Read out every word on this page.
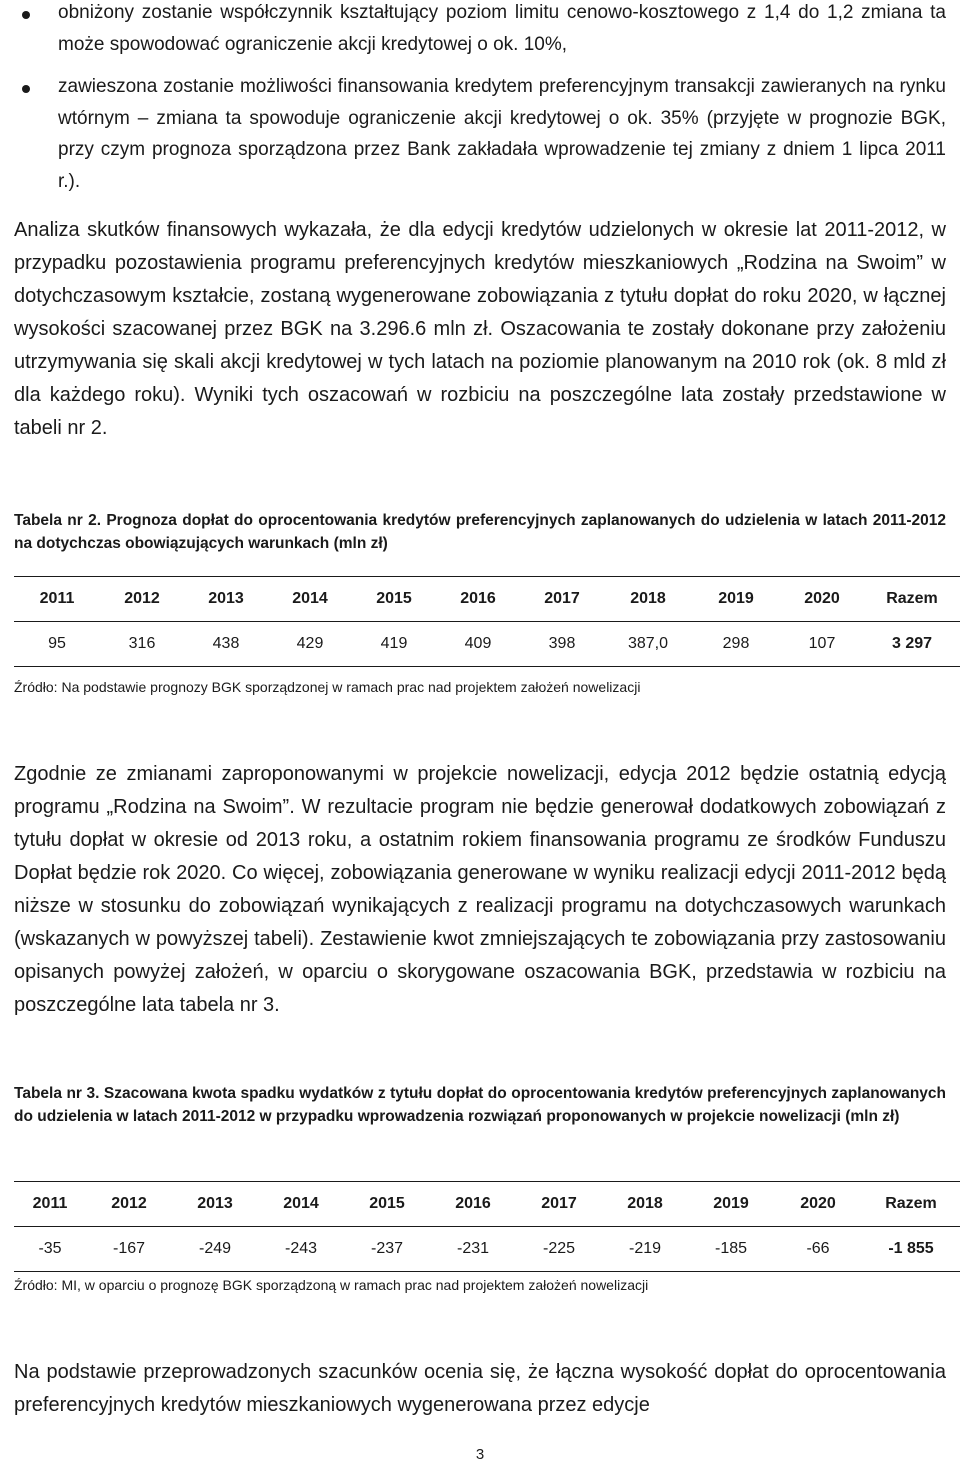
obniżony zostanie współczynnik kształtujący poziom limitu cenowo-kosztowego z 1,4 do 1,2 zmiana ta może spowodować ograniczenie akcji kredytowej o ok. 10%,
zawieszona zostanie możliwości finansowania kredytem preferencyjnym transakcji zawieranych na rynku wtórnym – zmiana ta spowoduje ograniczenie akcji kredytowej o ok. 35% (przyjęte w prognozie BGK, przy czym prognoza sporządzona przez Bank zakładała wprowadzenie tej zmiany z dniem 1 lipca 2011 r.).
Analiza skutków finansowych wykazała, że dla edycji kredytów udzielonych w okresie lat 2011-2012, w przypadku pozostawienia programu preferencyjnych kredytów mieszkaniowych „Rodzina na Swoim” w dotychczasowym kształcie, zostaną wygenerowane zobowiązania z tytułu dopłat do roku 2020, w łącznej wysokości szacowanej przez BGK na 3.296.6 mln zł. Oszacowania te zostały dokonane przy założeniu utrzymywania się skali akcji kredytowej w tych latach na poziomie planowanym na 2010 rok (ok. 8 mld zł dla każdego roku). Wyniki tych oszacowań w rozbiciu na poszczególne lata zostały przedstawione w tabeli nr 2.
Tabela nr 2. Prognoza dopłat do oprocentowania kredytów preferencyjnych zaplanowanych do udzielenia w latach 2011-2012 na dotychczas obowiązujących warunkach (mln zł)
2011	2012	2013	2014	2015	2016	2017	2018	2019	2020	Razem
95	316	438	429	419	409	398	387,0	298	107	3 297
Źródło: Na podstawie prognozy BGK sporządzonej w ramach prac nad projektem założeń nowelizacji
Zgodnie ze zmianami zaproponowanymi w projekcie nowelizacji, edycja 2012 będzie ostatnią edycją programu „Rodzina na Swoim”. W rezultacie program nie będzie generował dodatkowych zobowiązań z tytułu dopłat w okresie od 2013 roku, a ostatnim rokiem finansowania programu ze środków Funduszu Dopłat będzie rok 2020. Co więcej, zobowiązania generowane w wyniku realizacji edycji 2011-2012 będą niższe w stosunku do zobowiązań wynikających z realizacji programu na dotychczasowych warunkach (wskazanych w powyższej tabeli). Zestawienie kwot zmniejszających te zobowiązania przy zastosowaniu opisanych powyżej założeń, w oparciu o skorygowane oszacowania BGK, przedstawia w rozbiciu na poszczególne lata tabela nr 3.
Tabela nr 3. Szacowana kwota spadku wydatków z tytułu dopłat do oprocentowania kredytów preferencyjnych zaplanowanych do udzielenia w latach 2011-2012 w przypadku wprowadzenia rozwiązań proponowanych w projekcie nowelizacji (mln zł)
2011	2012	2013	2014	2015	2016	2017	2018	2019	2020	Razem
-35	-167	-249	-243	-237	-231	-225	-219	-185	-66	-1 855
Źródło: MI, w oparciu o prognozę BGK sporządzoną w ramach prac nad projektem założeń nowelizacji
Na podstawie przeprowadzonych szacunków ocenia się, że łączna wysokość dopłat do oprocentowania preferencyjnych kredytów mieszkaniowych wygenerowana przez edycje
3
